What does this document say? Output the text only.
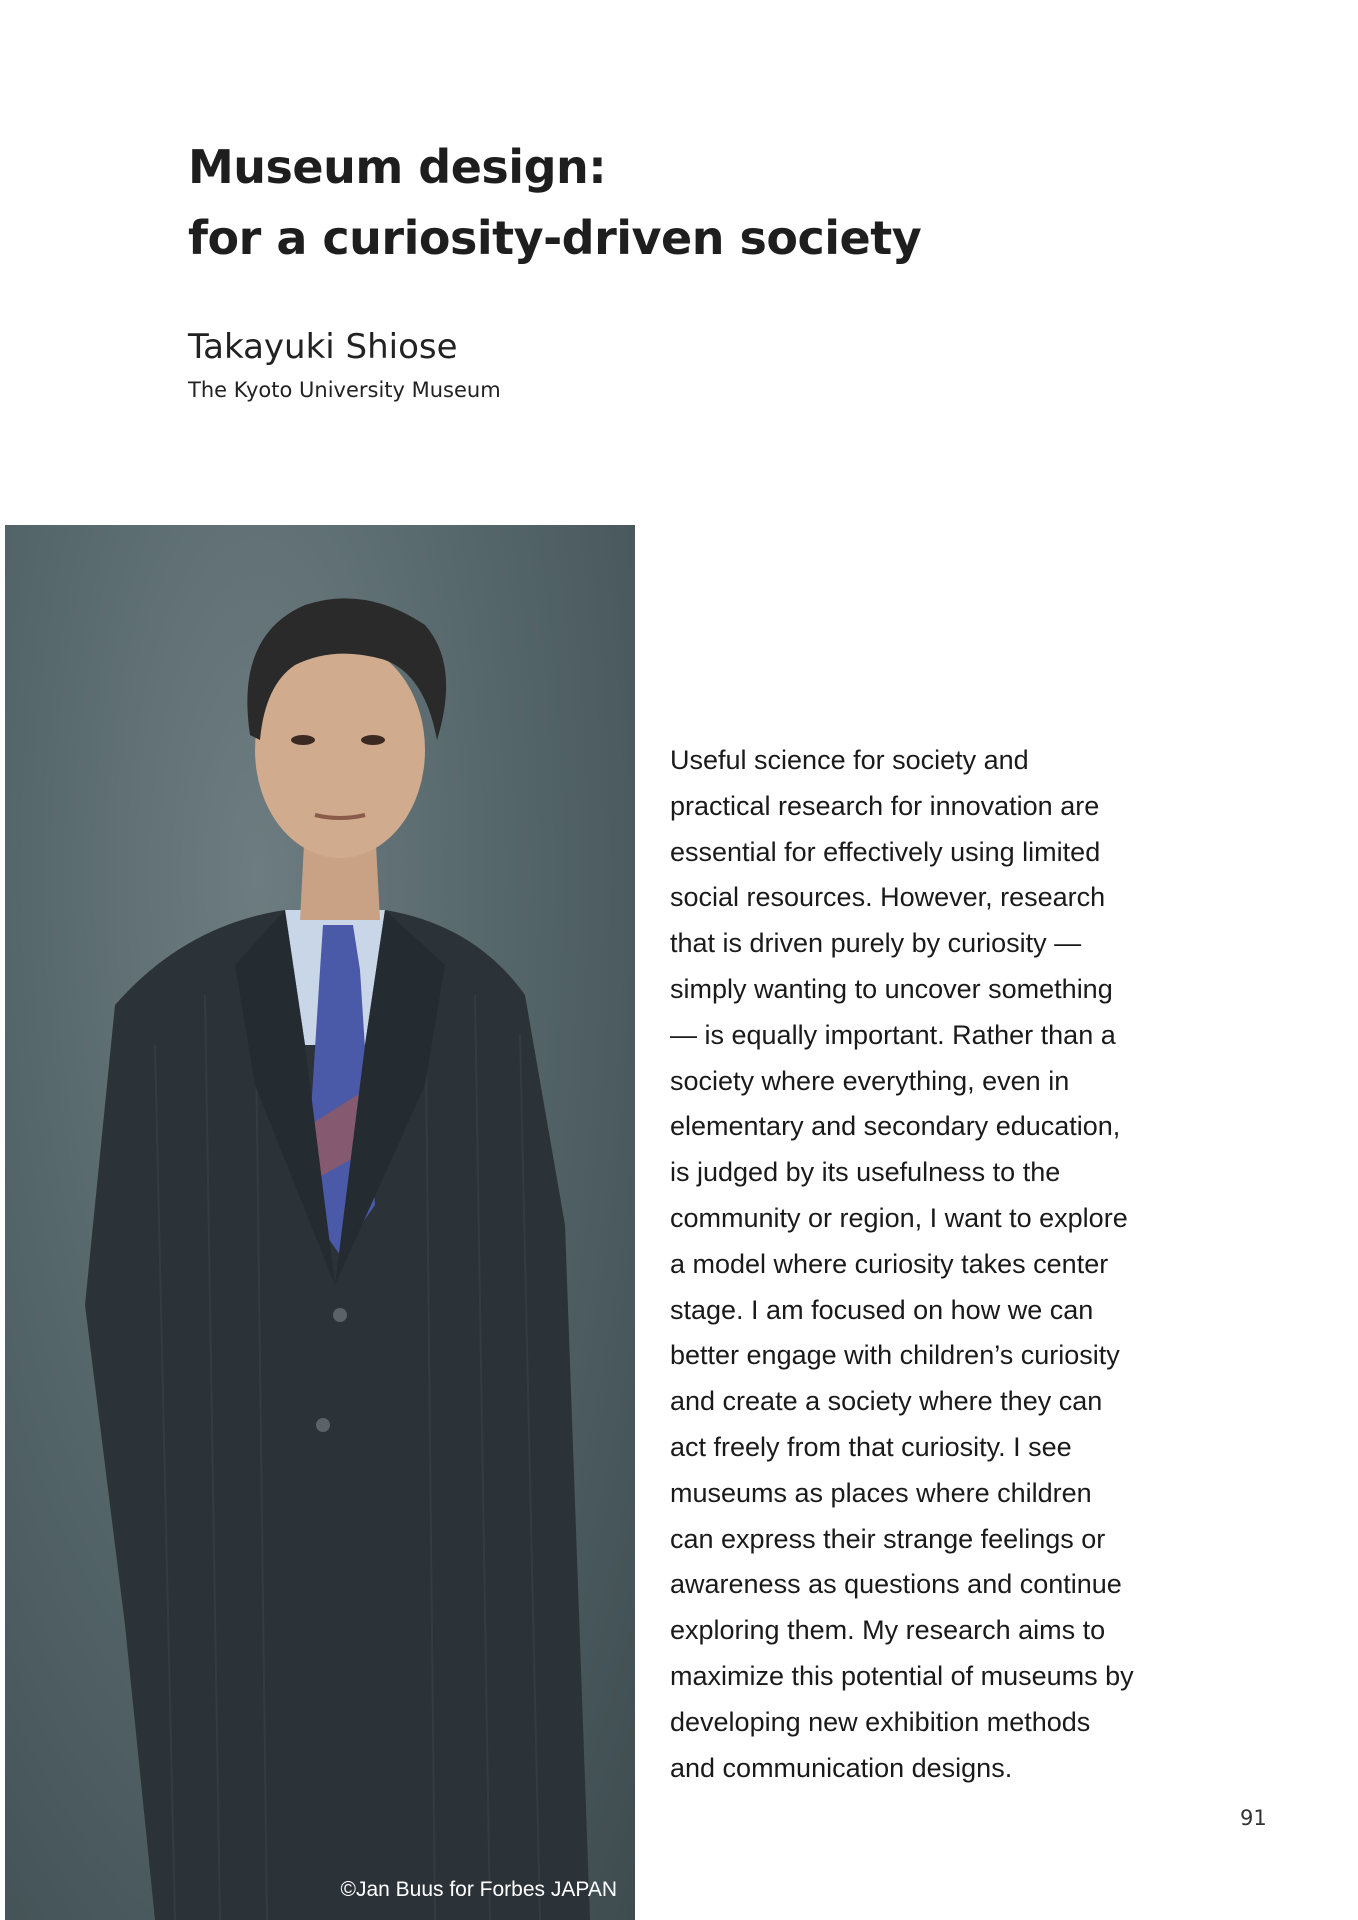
Museum design:
for a curiosity-driven society

Takayuki Shiose

The Kyoto University Museum

©Jan Buus for Forbes JAPAN

Useful science for society and
practical research for innovation are
essential for effectively using limited
social resources. However, research
that is driven purely by curiosity —
simply wanting to uncover something
— is equally important. Rather than a
society where everything, even in
elementary and secondary education,
is judged by its usefulness to the
community or region, I want to explore
a model where curiosity takes center
stage. I am focused on how we can
better engage with children’s curiosity
and create a society where they can
act freely from that curiosity. I see
museums as places where children
can express their strange feelings or
awareness as questions and continue
exploring them. My research aims to
maximize this potential of museums by
developing new exhibition methods
and communication designs.

91
